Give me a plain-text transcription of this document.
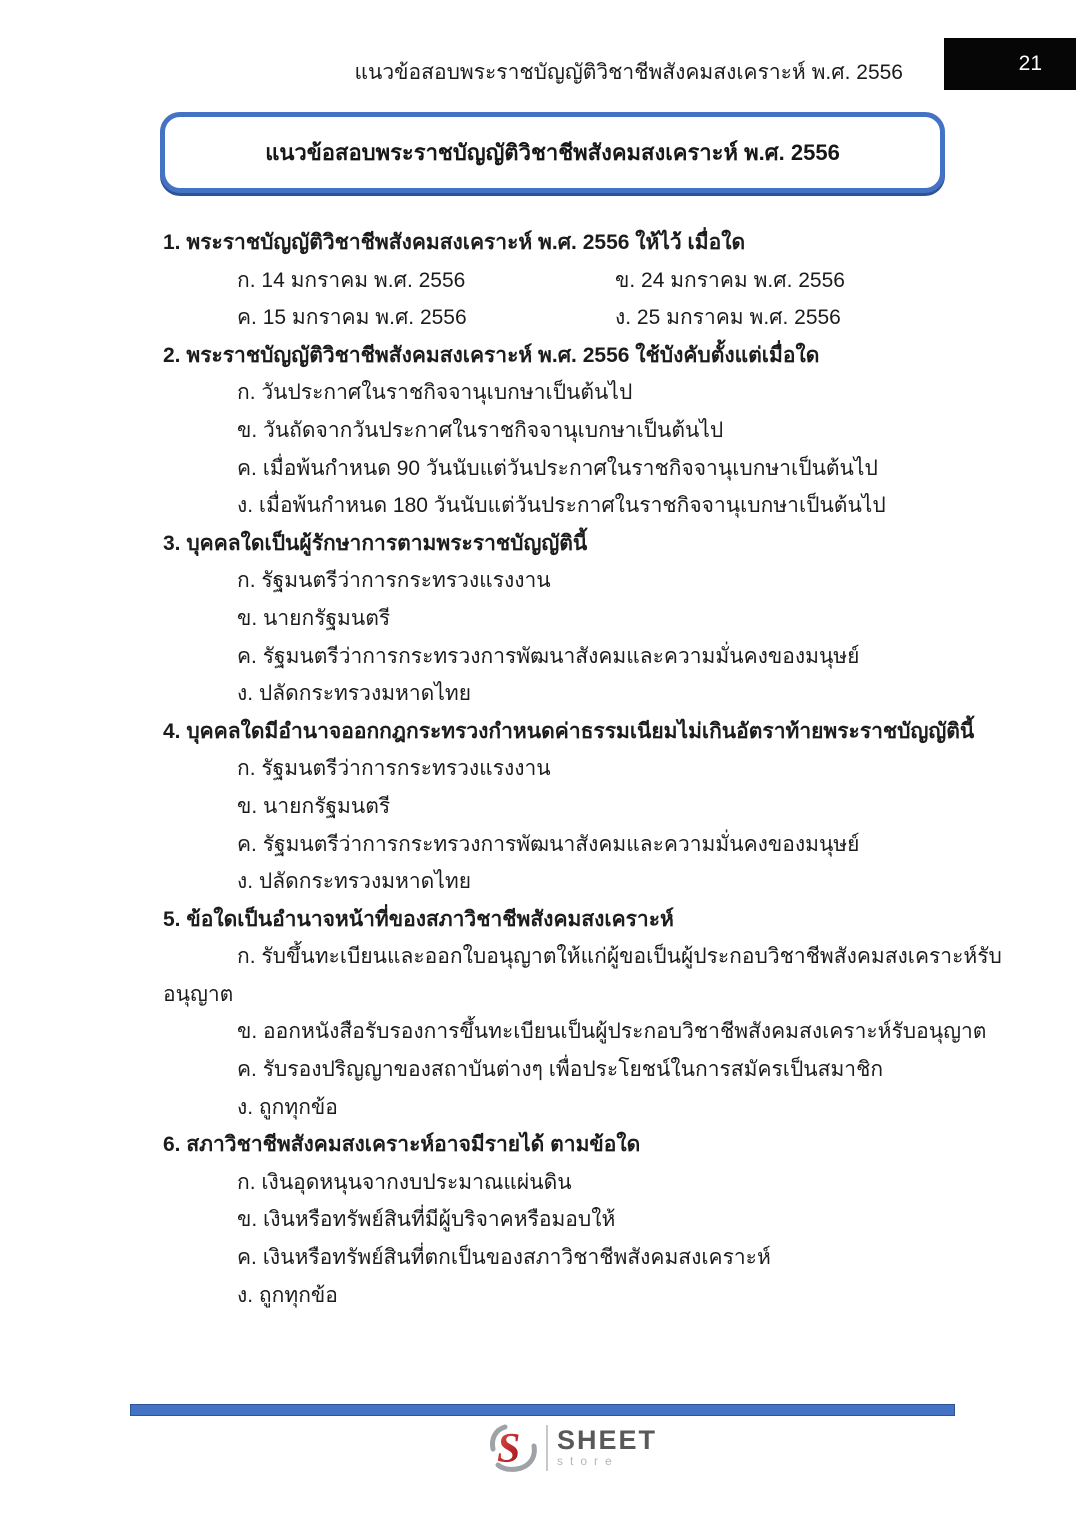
แนวข้อสอบพระราชบัญญัติวิชาชีพสังคมสงเคราะห์ พ.ศ. 2556	21
แนวข้อสอบพระราชบัญญัติวิชาชีพสังคมสงเคราะห์ พ.ศ. 2556
1. พระราชบัญญัติวิชาชีพสังคมสงเคราะห์ พ.ศ. 2556 ให้ไว้ เมื่อใด
ก. 14 มกราคม พ.ศ. 2556	ข. 24 มกราคม พ.ศ. 2556
ค. 15 มกราคม พ.ศ. 2556	ง. 25 มกราคม พ.ศ. 2556
2. พระราชบัญญัติวิชาชีพสังคมสงเคราะห์ พ.ศ. 2556 ใช้บังคับตั้งแต่เมื่อใด
ก. วันประกาศในราชกิจจานุเบกษาเป็นต้นไป
ข. วันถัดจากวันประกาศในราชกิจจานุเบกษาเป็นต้นไป
ค. เมื่อพ้นกำหนด 90 วันนับแต่วันประกาศในราชกิจจานุเบกษาเป็นต้นไป
ง. เมื่อพ้นกำหนด 180 วันนับแต่วันประกาศในราชกิจจานุเบกษาเป็นต้นไป
3. บุคคลใดเป็นผู้รักษาการตามพระราชบัญญัตินี้
ก. รัฐมนตรีว่าการกระทรวงแรงงาน
ข. นายกรัฐมนตรี
ค. รัฐมนตรีว่าการกระทรวงการพัฒนาสังคมและความมั่นคงของมนุษย์
ง. ปลัดกระทรวงมหาดไทย
4. บุคคลใดมีอำนาจออกกฎกระทรวงกำหนดค่าธรรมเนียมไม่เกินอัตราท้ายพระราชบัญญัตินี้
ก. รัฐมนตรีว่าการกระทรวงแรงงาน
ข. นายกรัฐมนตรี
ค. รัฐมนตรีว่าการกระทรวงการพัฒนาสังคมและความมั่นคงของมนุษย์
ง. ปลัดกระทรวงมหาดไทย
5. ข้อใดเป็นอำนาจหน้าที่ของสภาวิชาชีพสังคมสงเคราะห์
ก. รับขึ้นทะเบียนและออกใบอนุญาตให้แก่ผู้ขอเป็นผู้ประกอบวิชาชีพสังคมสงเคราะห์รับ
อนุญาต
ข. ออกหนังสือรับรองการขึ้นทะเบียนเป็นผู้ประกอบวิชาชีพสังคมสงเคราะห์รับอนุญาต
ค. รับรองปริญญาของสถาบันต่างๆ เพื่อประโยชน์ในการสมัครเป็นสมาชิก
ง. ถูกทุกข้อ
6. สภาวิชาชีพสังคมสงเคราะห์อาจมีรายได้ ตามข้อใด
ก. เงินอุดหนุนจากงบประมาณแผ่นดิน
ข. เงินหรือทรัพย์สินที่มีผู้บริจาคหรือมอบให้
ค. เงินหรือทรัพย์สินที่ตกเป็นของสภาวิชาชีพสังคมสงเคราะห์
ง. ถูกทุกข้อ
S SHEET
store
